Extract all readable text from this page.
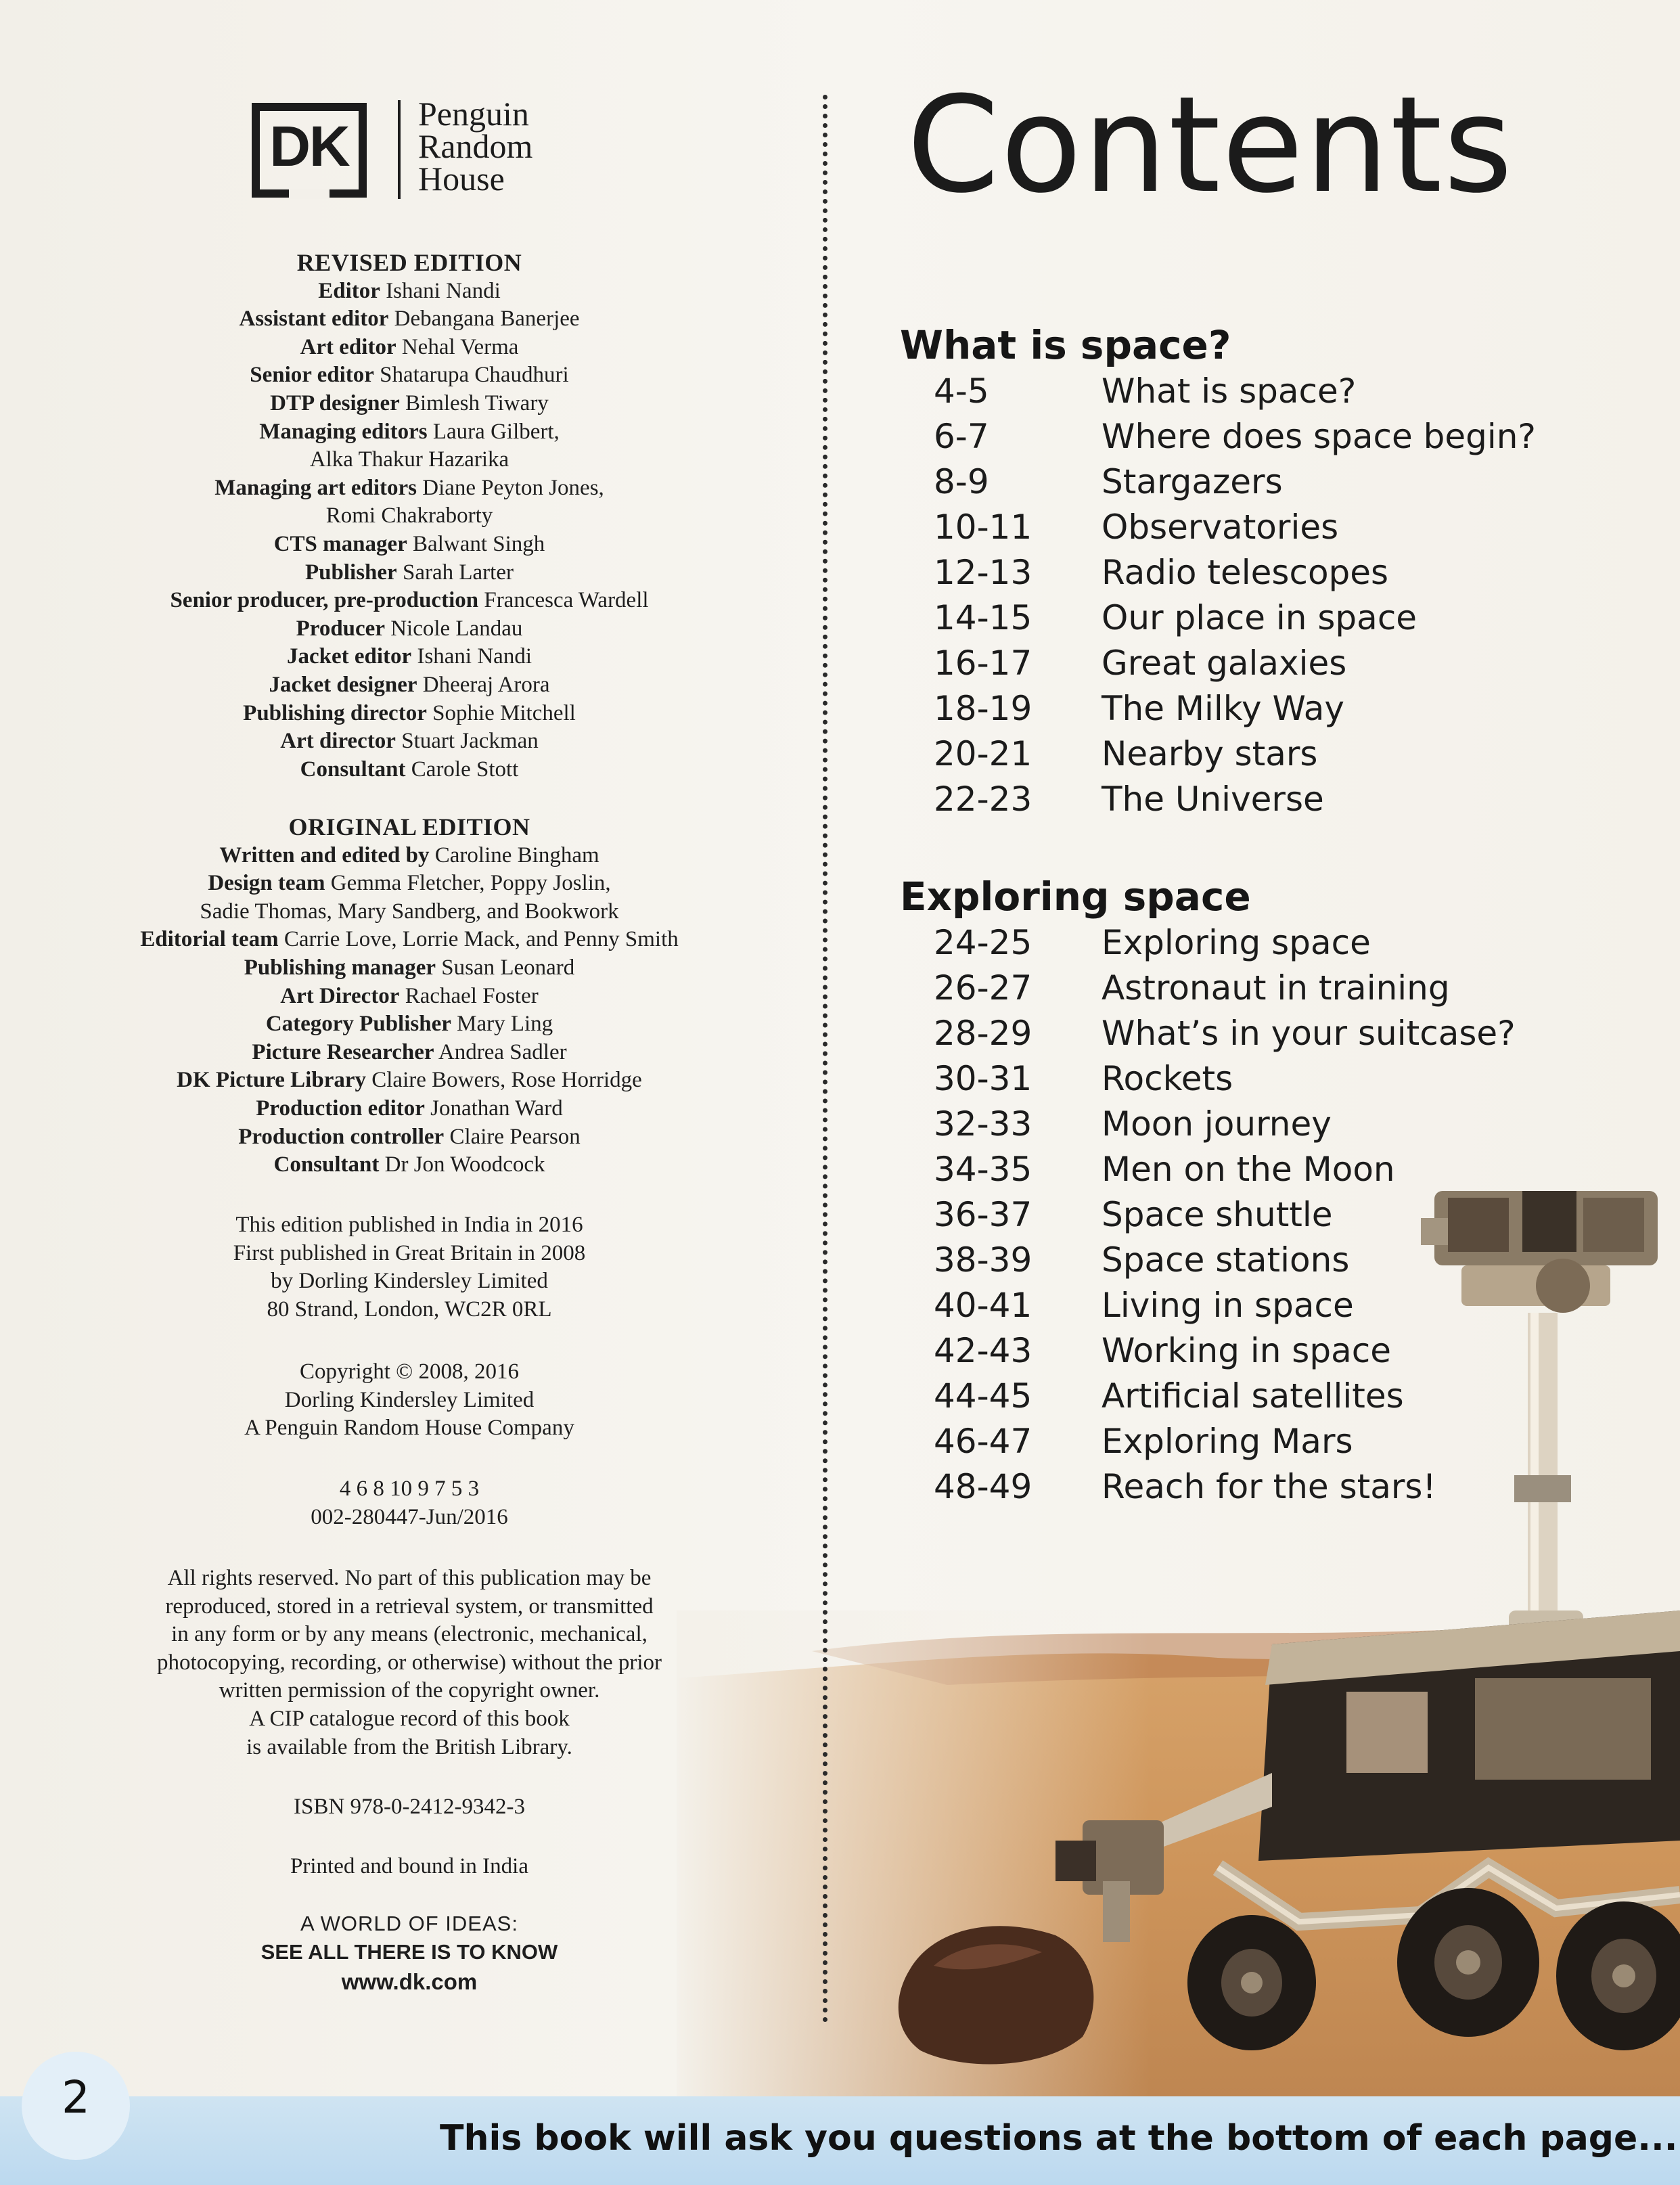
DK
Penguin
Random
House
REVISED EDITION
Editor Ishani Nandi
Assistant editor Debangana Banerjee
Art editor Nehal Verma
Senior editor Shatarupa Chaudhuri
DTP designer Bimlesh Tiwary
Managing editors Laura Gilbert,
Alka Thakur Hazarika
Managing art editors Diane Peyton Jones,
Romi Chakraborty
CTS manager Balwant Singh
Publisher Sarah Larter
Senior producer, pre-production Francesca Wardell
Producer Nicole Landau
Jacket editor Ishani Nandi
Jacket designer Dheeraj Arora
Publishing director Sophie Mitchell
Art director Stuart Jackman
Consultant Carole Stott
ORIGINAL EDITION
Written and edited by Caroline Bingham
Design team Gemma Fletcher, Poppy Joslin,
Sadie Thomas, Mary Sandberg, and Bookwork
Editorial team Carrie Love, Lorrie Mack, and Penny Smith
Publishing manager Susan Leonard
Art Director Rachael Foster
Category Publisher Mary Ling
Picture Researcher Andrea Sadler
DK Picture Library Claire Bowers, Rose Horridge
Production editor Jonathan Ward
Production controller Claire Pearson
Consultant Dr Jon Woodcock
This edition published in India in 2016
First published in Great Britain in 2008
by Dorling Kindersley Limited
80 Strand, London, WC2R 0RL
Copyright © 2008, 2016
Dorling Kindersley Limited
A Penguin Random House Company
4 6 8 10 9 7 5 3
002-280447-Jun/2016
All rights reserved. No part of this publication may be
reproduced, stored in a retrieval system, or transmitted
in any form or by any means (electronic, mechanical,
photocopying, recording, or otherwise) without the prior
written permission of the copyright owner.
A CIP catalogue record of this book
is available from the British Library.
ISBN 978-0-2412-9342-3
Printed and bound in India
A WORLD OF IDEAS:
SEE ALL THERE IS TO KNOW
www.dk.com
Contents
What is space?
4-5	What is space?
6-7	Where does space begin?
8-9	Stargazers
10-11 Observatories
12-13 Radio telescopes
14-15 Our place in space
16-17 Great galaxies
18-19 The Milky Way
20-21 Nearby stars
22-23 The Universe
Exploring space
24-25 Exploring space
26-27 Astronaut in training
28-29 What’s in your suitcase?
30-31 Rockets
32-33 Moon journey
34-35 Men on the Moon
36-37 Space shuttle
38-39 Space stations
40-41 Living in space
42-43 Working in space
44-45 Artificial satellites
46-47 Exploring Mars
48-49 Reach for the stars!
This book will ask you questions at the bottom of each page...
2
